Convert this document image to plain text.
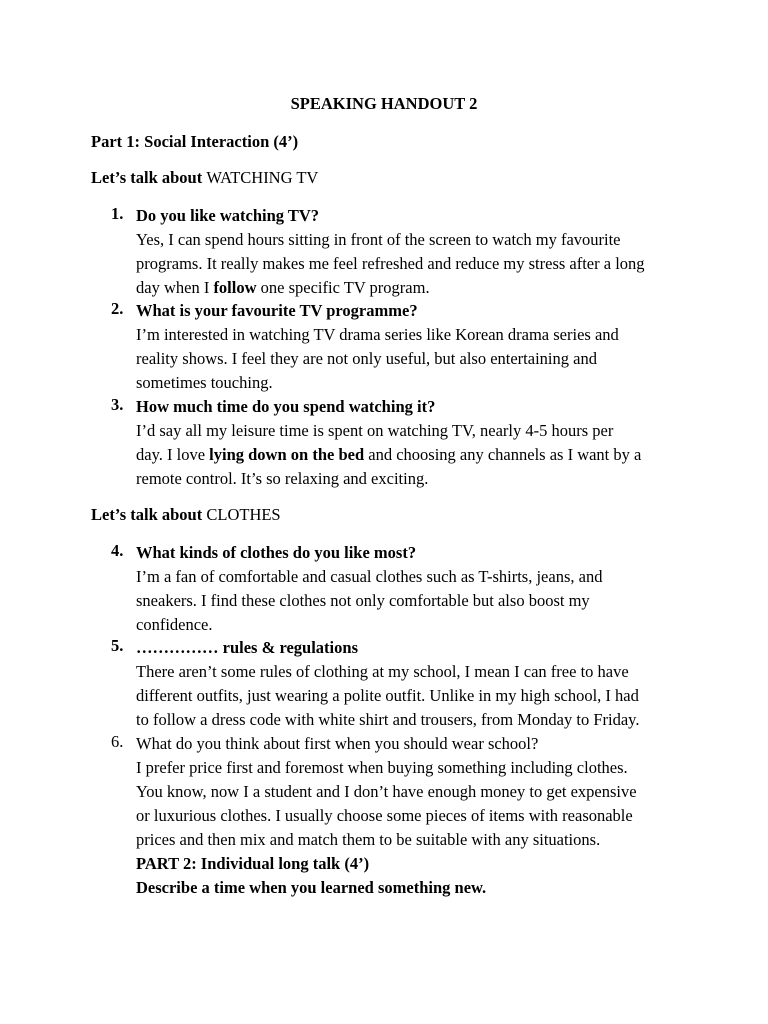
SPEAKING HANDOUT 2

Part 1: Social Interaction (4’)

Let’s talk about WATCHING TV

1. Do you like watching TV?

Yes, I can spend hours sitting in front of the screen to watch my favourite

programs. It really makes me feel refreshed and reduce my stress after a long

day when I follow one specific TV program.

2. What is your favourite TV programme?

I’m interested in watching TV drama series like Korean drama series and

reality shows. I feel they are not only useful, but also entertaining and

sometimes touching.

3. How much time do you spend watching it?

I’d say all my leisure time is spent on watching TV, nearly 4-5 hours per

day. I love lying down on the bed and choosing any channels as I want by a

remote control. It’s so relaxing and exciting.

Let’s talk about CLOTHES

4. What kinds of clothes do you like most?

I’m a fan of comfortable and casual clothes such as T-shirts, jeans, and

sneakers. I find these clothes not only comfortable but also boost my

confidence.

5. …………… rules & regulations

There aren’t some rules of clothing at my school, I mean I can free to have

different outfits, just wearing a polite outfit. Unlike in my high school, I had

to follow a dress code with white shirt and trousers, from Monday to Friday.

6. What do you think about first when you should wear school?

I prefer price first and foremost when buying something including clothes.

You know, now I a student and I don’t have enough money to get expensive

or luxurious clothes. I usually choose some pieces of items with reasonable

prices and then mix and match them to be suitable with any situations.

PART 2: Individual long talk (4’)

Describe a time when you learned something new.
